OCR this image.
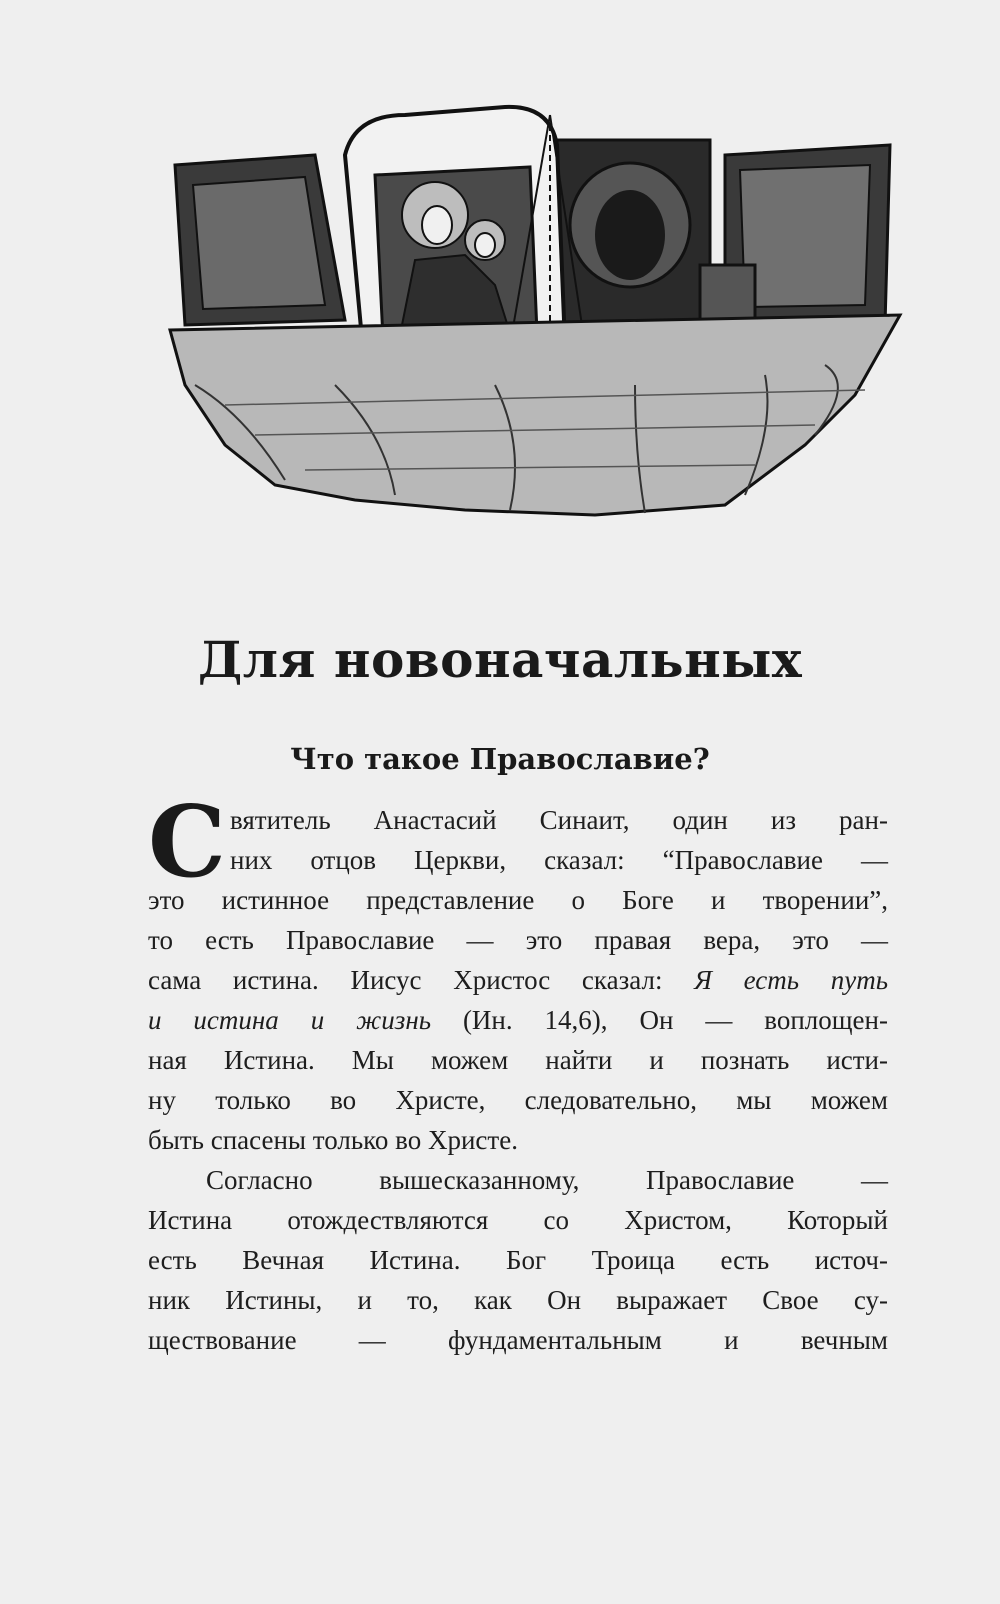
Для новоначальных
Что такое Православие?
С вятитель Анастасий Синаит, один из ран-
них отцов Церкви, сказал: “Православие —
это истинное представление о Боге и творении”,
то есть Православие — это правая вера, это —
сама истина. Иисус Христос сказал: Я есть путь
и истина и жизнь (Ин. 14,6), Он — воплощен-
ная Истина. Мы можем найти и познать исти-
ну только во Христе, следовательно, мы можем
быть спасены только во Христе.
Согласно вышесказанному, Православие —
Истина отождествляются со Христом, Который
есть Вечная Истина. Бог Троица есть источ-
ник Истины, и то, как Он выражает Свое су-
ществование — фундаментальным и вечным
